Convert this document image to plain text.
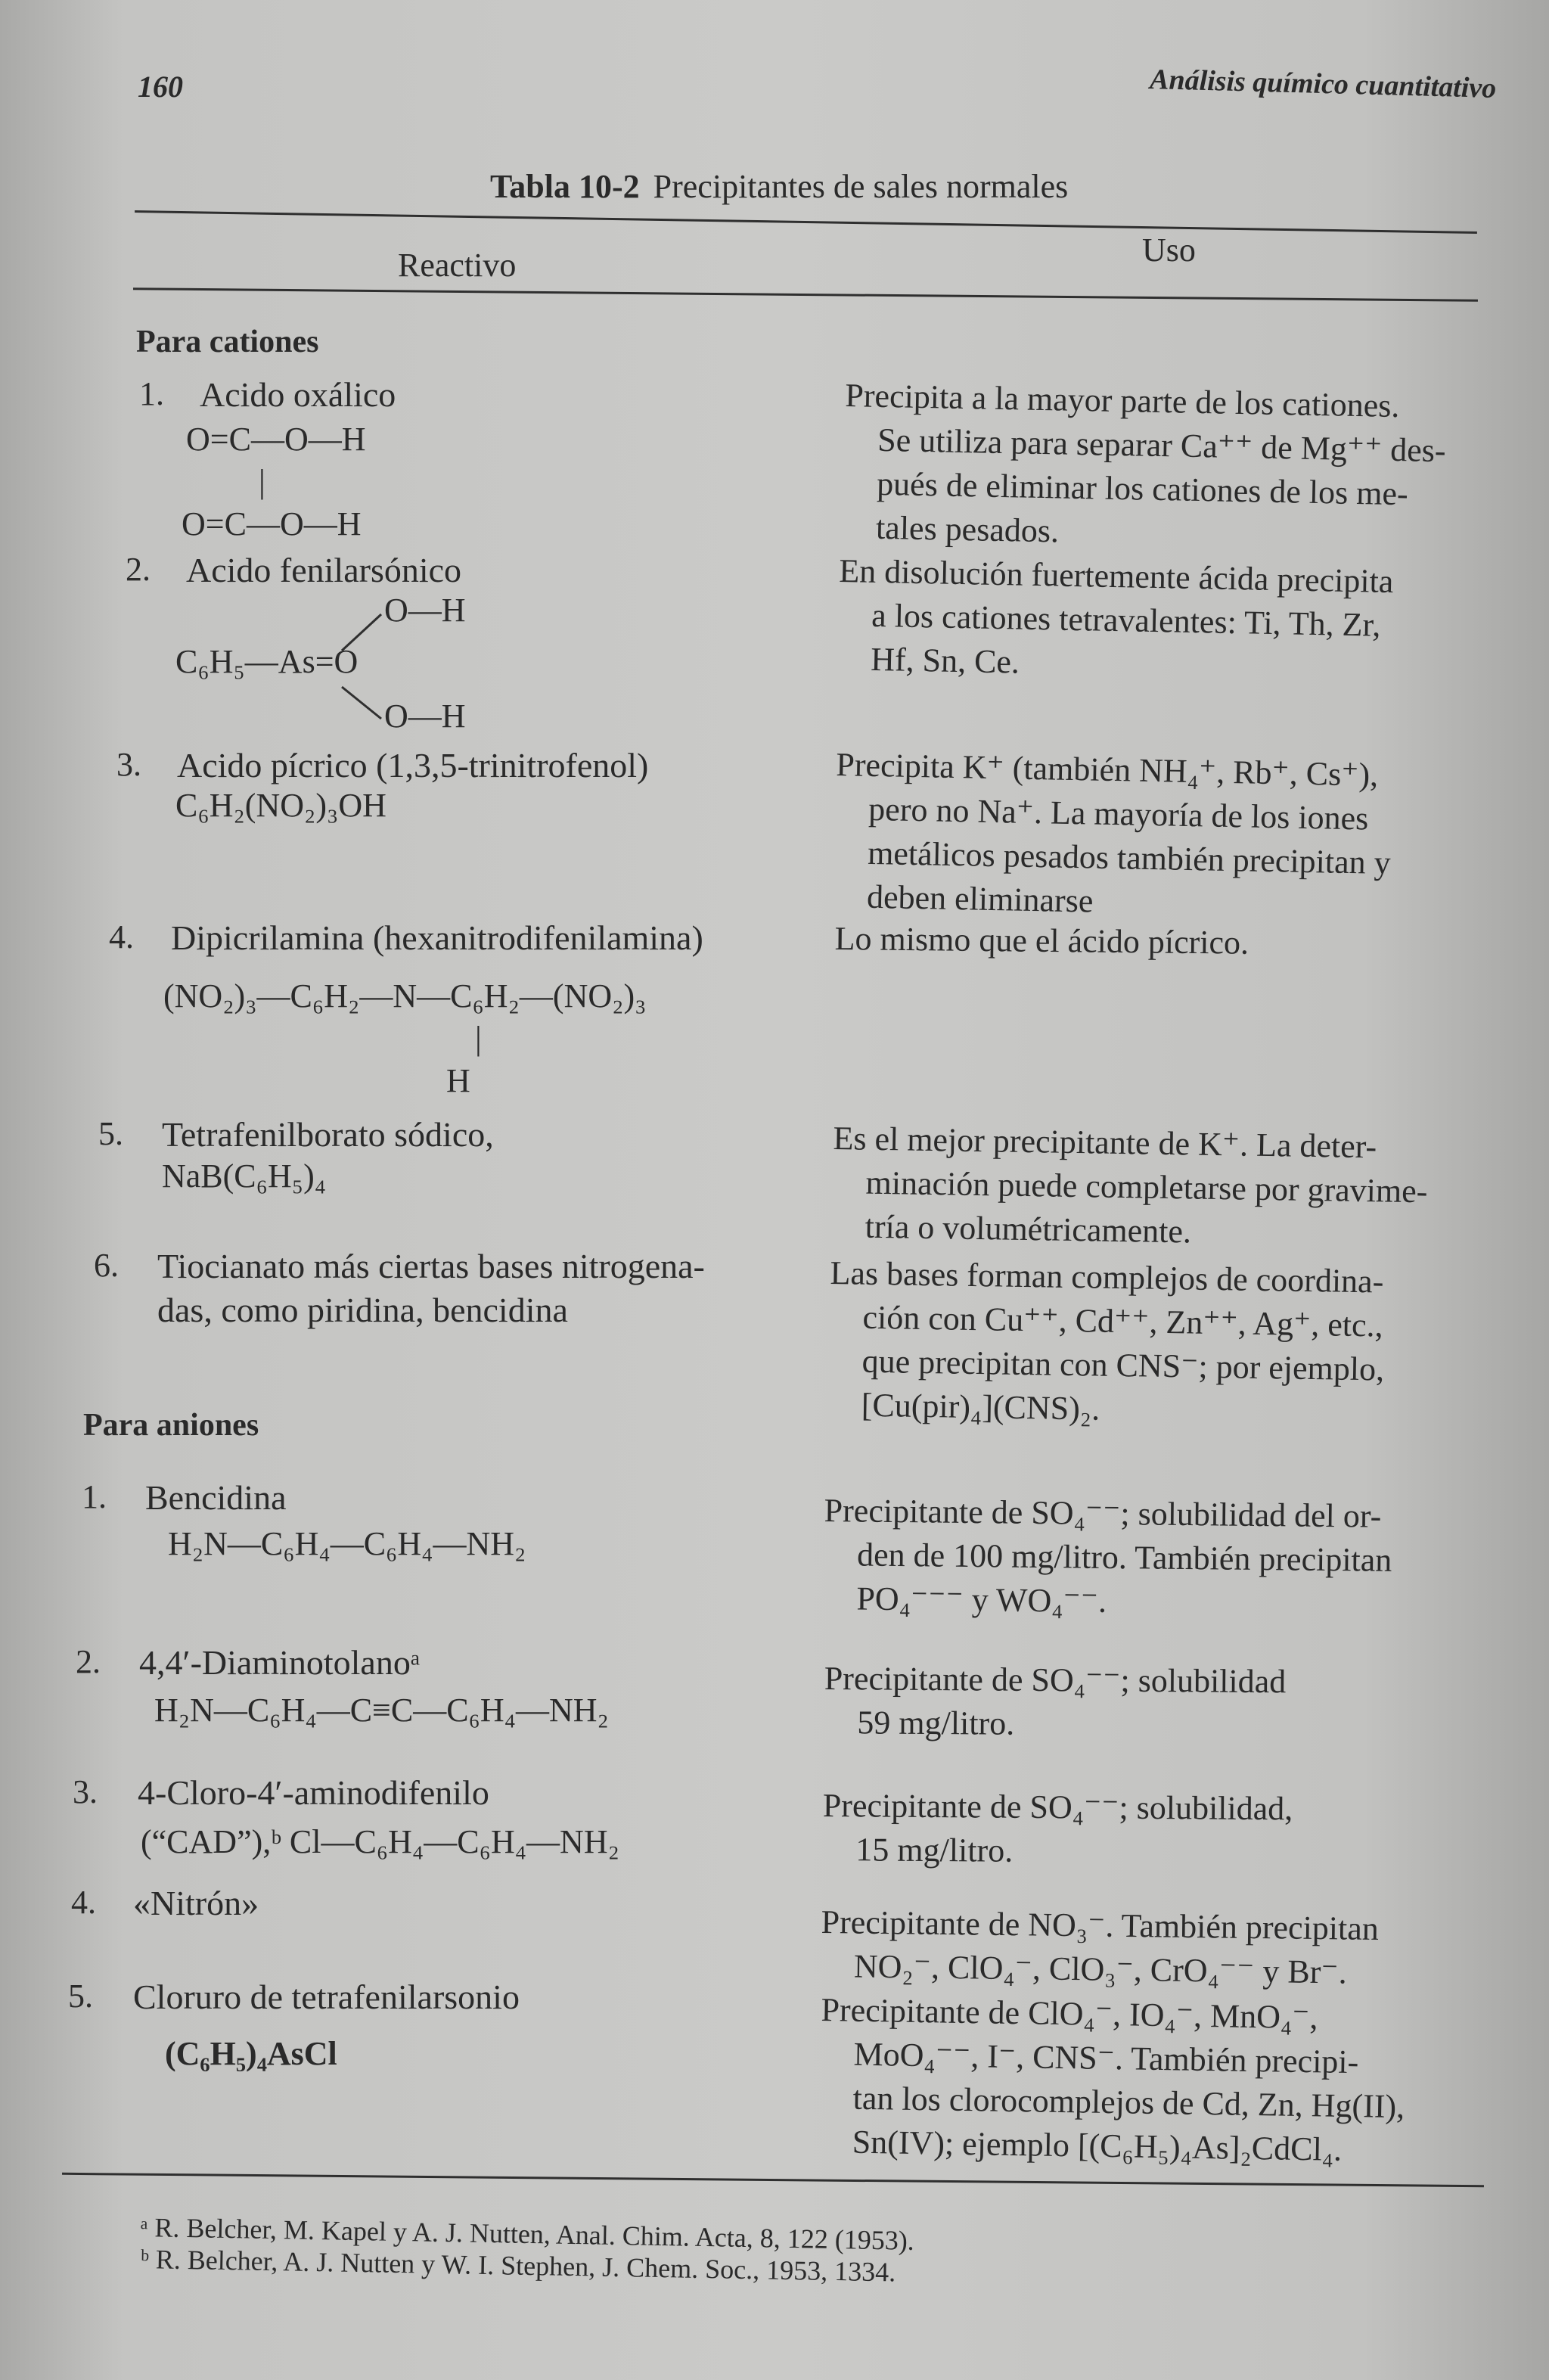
160	Análisis químico cuantitativo
Tabla 10-2 Precipitantes de sales normales
Reactivo	Uso
Para cationes
1. Acido oxálico
O=C—O—H
|
O=C—O—H
Precipita a la mayor parte de los cationes.
Se utiliza para separar Ca⁺⁺ de Mg⁺⁺ des-
pués de eliminar los cationes de los me-
tales pesados.
2. Acido fenilarsónico
O—H
C₆H₅—As=O
O—H
En disolución fuertemente ácida precipita
a los cationes tetravalentes: Ti, Th, Zr,
Hf, Sn, Ce.
3. Acido pícrico (1,3,5-trinitrofenol)
C₆H₂(NO₂)₃OH
Precipita K⁺ (también NH₄⁺, Rb⁺, Cs⁺),
pero no Na⁺. La mayoría de los iones
metálicos pesados también precipitan y
deben eliminarse
4. Dipicrilamina (hexanitrodifenilamina)
(NO₂)₃—C₆H₂—N—C₆H₂—(NO₂)₃
|
H
Lo mismo que el ácido pícrico.
5. Tetrafenilborato sódico,
NaB(C₆H₅)₄
Es el mejor precipitante de K⁺. La deter-
minación puede completarse por gravime-
tría o volumétricamente.
6. Tiocianato más ciertas bases nitrogena-
das, como piridina, bencidina
Las bases forman complejos de coordina-
ción con Cu⁺⁺, Cd⁺⁺, Zn⁺⁺, Ag⁺, etc.,
que precipitan con CNS⁻; por ejemplo,
[Cu(pir)₄](CNS)₂.
Para aniones
1. Bencidina
H₂N—C₆H₄—C₆H₄—NH₂
Precipitante de SO₄⁻⁻; solubilidad del or-
den de 100 mg/litro. También precipitan
PO₄⁻⁻⁻ y WO₄⁻⁻.
2. 4,4′-Diaminotolanoᵃ
H₂N—C₆H₄—C≡C—C₆H₄—NH₂
Precipitante de SO₄⁻⁻; solubilidad
59 mg/litro.
3. 4-Cloro-4′-aminodifenilo
(“CAD”),ᵇ Cl—C₆H₄—C₆H₄—NH₂
Precipitante de SO₄⁻⁻; solubilidad,
15 mg/litro.
4. «Nitrón»
Precipitante de NO₃⁻. También precipitan
NO₂⁻, ClO₄⁻, ClO₃⁻, CrO₄⁻⁻ y Br⁻.
5. Cloruro de tetrafenilarsonio
(C₆H₅)₄AsCl
Precipitante de ClO₄⁻, IO₄⁻, MnO₄⁻,
MoO₄⁻⁻, I⁻, CNS⁻. También precipi-
tan los clorocomplejos de Cd, Zn, Hg(II),
Sn(IV); ejemplo [(C₆H₅)₄As]₂CdCl₄.
ᵃ R. Belcher, M. Kapel y A. J. Nutten, Anal. Chim. Acta, 8, 122 (1953).
ᵇ R. Belcher, A. J. Nutten y W. I. Stephen, J. Chem. Soc., 1953, 1334.
